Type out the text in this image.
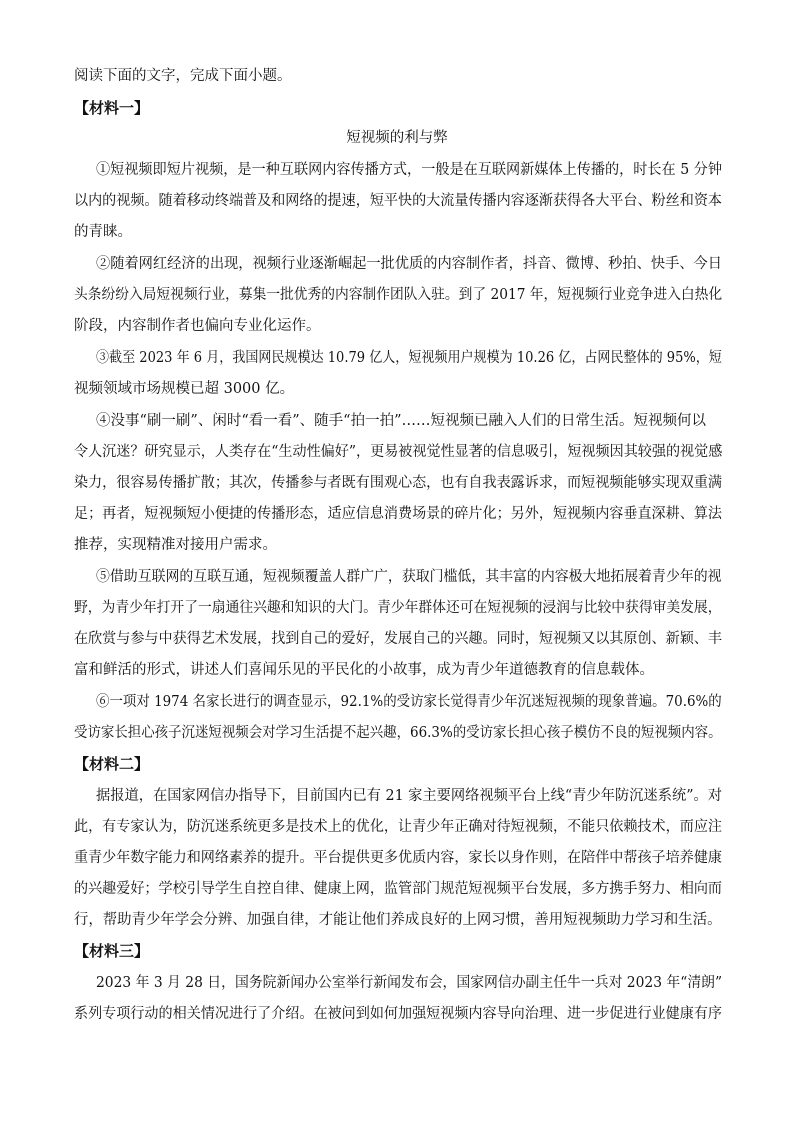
阅读下面的文字，完成下面小题。
【材料一】
短视频的利与弊
①短视频即短片视频，是一种互联网内容传播方式，一般是在互联网新媒体上传播的，时长在 5 分钟
以内的视频。随着移动终端普及和网络的提速，短平快的大流量传播内容逐渐获得各大平台、粉丝和资本
的青睐。
②随着网红经济的出现，视频行业逐渐崛起一批优质的内容制作者，抖音、微博、秒拍、快手、今日
头条纷纷入局短视频行业，募集一批优秀的内容制作团队入驻。到了 2017 年，短视频行业竞争进入白热化
阶段，内容制作者也偏向专业化运作。
③截至 2023 年 6 月，我国网民规模达 10.79 亿人，短视频用户规模为 10.26 亿，占网民整体的 95%，短
视频领域市场规模已超 3000 亿。
④没事“刷一刷”、闲时“看一看”、随手“拍一拍”……短视频已融入人们的日常生活。短视频何以
令人沉迷？研究显示，人类存在“生动性偏好”，更易被视觉性显著的信息吸引，短视频因其较强的视觉感
染力，很容易传播扩散；其次，传播参与者既有围观心态，也有自我表露诉求，而短视频能够实现双重满
足；再者，短视频短小便捷的传播形态，适应信息消费场景的碎片化；另外，短视频内容垂直深耕、算法
推荐，实现精准对接用户需求。
⑤借助互联网的互联互通，短视频覆盖人群广广，获取门槛低，其丰富的内容极大地拓展着青少年的视
野，为青少年打开了一扇通往兴趣和知识的大门。青少年群体还可在短视频的浸润与比较中获得审美发展，
在欣赏与参与中获得艺术发展，找到自己的爱好，发展自己的兴趣。同时，短视频又以其原创、新颖、丰
富和鲜活的形式，讲述人们喜闻乐见的平民化的小故事，成为青少年道德教育的信息载体。
⑥一项对 1974 名家长进行的调查显示，92.1%的受访家长觉得青少年沉迷短视频的现象普遍。70.6%的
受访家长担心孩子沉迷短视频会对学习生活提不起兴趣，66.3%的受访家长担心孩子模仿不良的短视频内容。
【材料二】
据报道，在国家网信办指导下，目前国内已有 21 家主要网络视频平台上线“青少年防沉迷系统”。对
此，有专家认为，防沉迷系统更多是技术上的优化，让青少年正确对待短视频，不能只依赖技术，而应注
重青少年数字能力和网络素养的提升。平台提供更多优质内容，家长以身作则，在陪伴中帮孩子培养健康
的兴趣爱好；学校引导学生自控自律、健康上网，监管部门规范短视频平台发展，多方携手努力、相向而
行，帮助青少年学会分辨、加强自律，才能让他们养成良好的上网习惯，善用短视频助力学习和生活。
【材料三】
2023 年 3 月 28 日，国务院新闻办公室举行新闻发布会，国家网信办副主任牛一兵对 2023 年“清朗”
系列专项行动的相关情况进行了介绍。在被问到如何加强短视频内容导向治理、进一步促进行业健康有序
